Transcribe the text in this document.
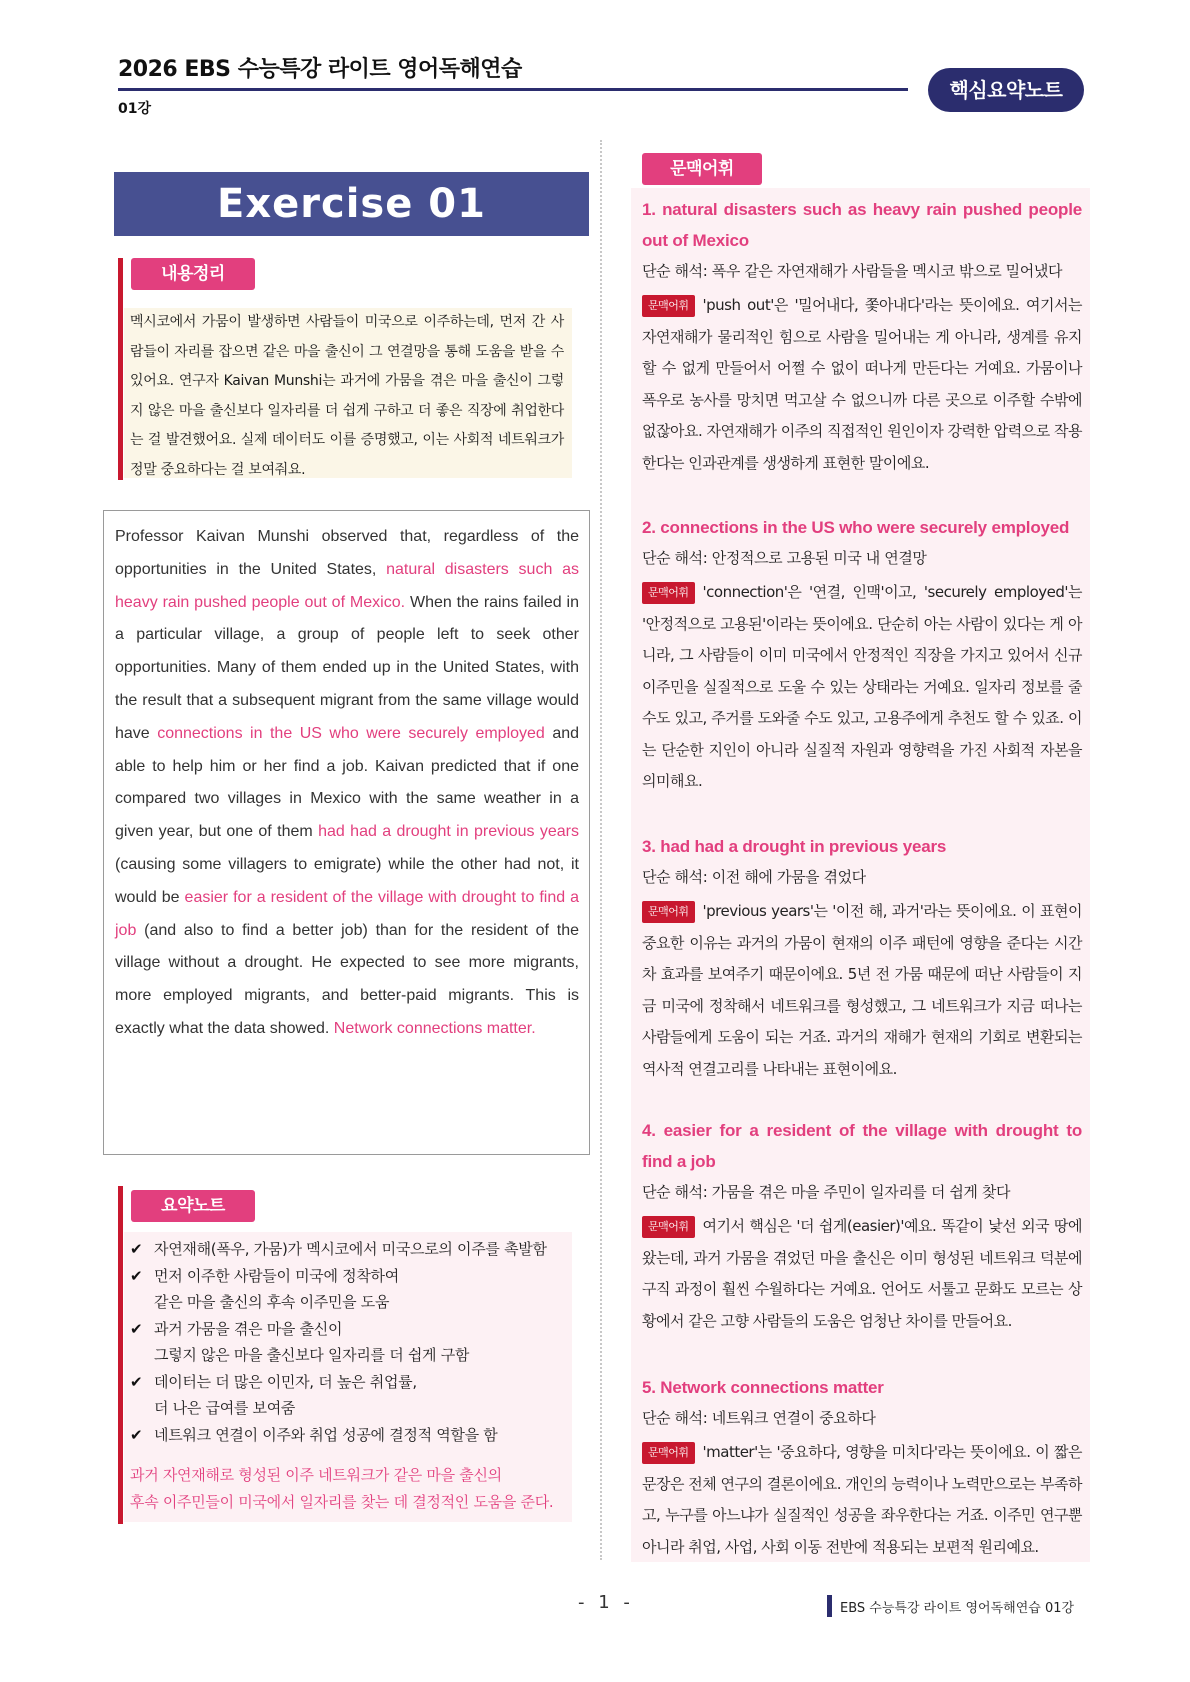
2026 EBS 수능특강 라이트 영어독해연습
01강
핵심요약노트
Exercise 01
내용정리
멕시코에서 가뭄이 발생하면 사람들이 미국으로 이주하는데, 먼저 간 사람들이 자리를 잡으면 같은 마을 출신이 그 연결망을 통해 도움을 받을 수 있어요. 연구자 Kaivan Munshi는 과거에 가뭄을 겪은 마을 출신이 그렇지 않은 마을 출신보다 일자리를 더 쉽게 구하고 더 좋은 직장에 취업한다는 걸 발견했어요. 실제 데이터도 이를 증명했고, 이는 사회적 네트워크가 정말 중요하다는 걸 보여줘요.
Professor Kaivan Munshi observed that, regardless of the opportunities in the United States, natural disasters such as heavy rain pushed people out of Mexico. When the rains failed in a particular village, a group of people left to seek other opportunities. Many of them ended up in the United States, with the result that a subsequent migrant from the same village would have connections in the US who were securely employed and able to help him or her find a job. Kaivan predicted that if one compared two villages in Mexico with the same weather in a given year, but one of them had had a drought in previous years (causing some villagers to emigrate) while the other had not, it would be easier for a resident of the village with drought to find a job (and also to find a better job) than for the resident of the village without a drought. He expected to see more migrants, more employed migrants, and better-paid migrants. This is exactly what the data showed. Network connections matter.
요약노트
✔ 자연재해(폭우, 가뭄)가 멕시코에서 미국으로의 이주를 촉발함
✔ 먼저 이주한 사람들이 미국에 정착하여
같은 마을 출신의 후속 이주민을 도움
✔ 과거 가뭄을 겪은 마을 출신이
그렇지 않은 마을 출신보다 일자리를 더 쉽게 구함
✔ 데이터는 더 많은 이민자, 더 높은 취업률,
더 나은 급여를 보여줌
✔ 네트워크 연결이 이주와 취업 성공에 결정적 역할을 함
과거 자연재해로 형성된 이주 네트워크가 같은 마을 출신의
후속 이주민들이 미국에서 일자리를 찾는 데 결정적인 도움을 준다.
문맥어휘
1. natural disasters such as heavy rain pushed people out of Mexico
단순 해석: 폭우 같은 자연재해가 사람들을 멕시코 밖으로 밀어냈다
문맥어휘 'push out'은 '밀어내다, 쫓아내다'라는 뜻이에요. 여기서는 자연재해가 물리적인 힘으로 사람을 밀어내는 게 아니라, 생계를 유지할 수 없게 만들어서 어쩔 수 없이 떠나게 만든다는 거예요. 가뭄이나 폭우로 농사를 망치면 먹고살 수 없으니까 다른 곳으로 이주할 수밖에 없잖아요. 자연재해가 이주의 직접적인 원인이자 강력한 압력으로 작용한다는 인과관계를 생생하게 표현한 말이에요.
2. connections in the US who were securely employed
단순 해석: 안정적으로 고용된 미국 내 연결망
문맥어휘 'connection'은 '연결, 인맥'이고, 'securely employed'는 '안정적으로 고용된'이라는 뜻이에요. 단순히 아는 사람이 있다는 게 아니라, 그 사람들이 이미 미국에서 안정적인 직장을 가지고 있어서 신규 이주민을 실질적으로 도울 수 있는 상태라는 거예요. 일자리 정보를 줄 수도 있고, 주거를 도와줄 수도 있고, 고용주에게 추천도 할 수 있죠. 이는 단순한 지인이 아니라 실질적 자원과 영향력을 가진 사회적 자본을 의미해요.
3. had had a drought in previous years
단순 해석: 이전 해에 가뭄을 겪었다
문맥어휘 'previous years'는 '이전 해, 과거'라는 뜻이에요. 이 표현이 중요한 이유는 과거의 가뭄이 현재의 이주 패턴에 영향을 준다는 시간차 효과를 보여주기 때문이에요. 5년 전 가뭄 때문에 떠난 사람들이 지금 미국에 정착해서 네트워크를 형성했고, 그 네트워크가 지금 떠나는 사람들에게 도움이 되는 거죠. 과거의 재해가 현재의 기회로 변환되는 역사적 연결고리를 나타내는 표현이에요.
4. easier for a resident of the village with drought to find a job
단순 해석: 가뭄을 겪은 마을 주민이 일자리를 더 쉽게 찾다
문맥어휘 여기서 핵심은 '더 쉽게(easier)'예요. 똑같이 낯선 외국 땅에 왔는데, 과거 가뭄을 겪었던 마을 출신은 이미 형성된 네트워크 덕분에 구직 과정이 훨씬 수월하다는 거예요. 언어도 서툴고 문화도 모르는 상황에서 같은 고향 사람들의 도움은 엄청난 차이를 만들어요.
5. Network connections matter
단순 해석: 네트워크 연결이 중요하다
문맥어휘 'matter'는 '중요하다, 영향을 미치다'라는 뜻이에요. 이 짧은 문장은 전체 연구의 결론이에요. 개인의 능력이나 노력만으로는 부족하고, 누구를 아느냐가 실질적인 성공을 좌우한다는 거죠. 이주민 연구뿐 아니라 취업, 사업, 사회 이동 전반에 적용되는 보편적 원리예요.
- 1 -	EBS 수능특강 라이트 영어독해연습 01강
